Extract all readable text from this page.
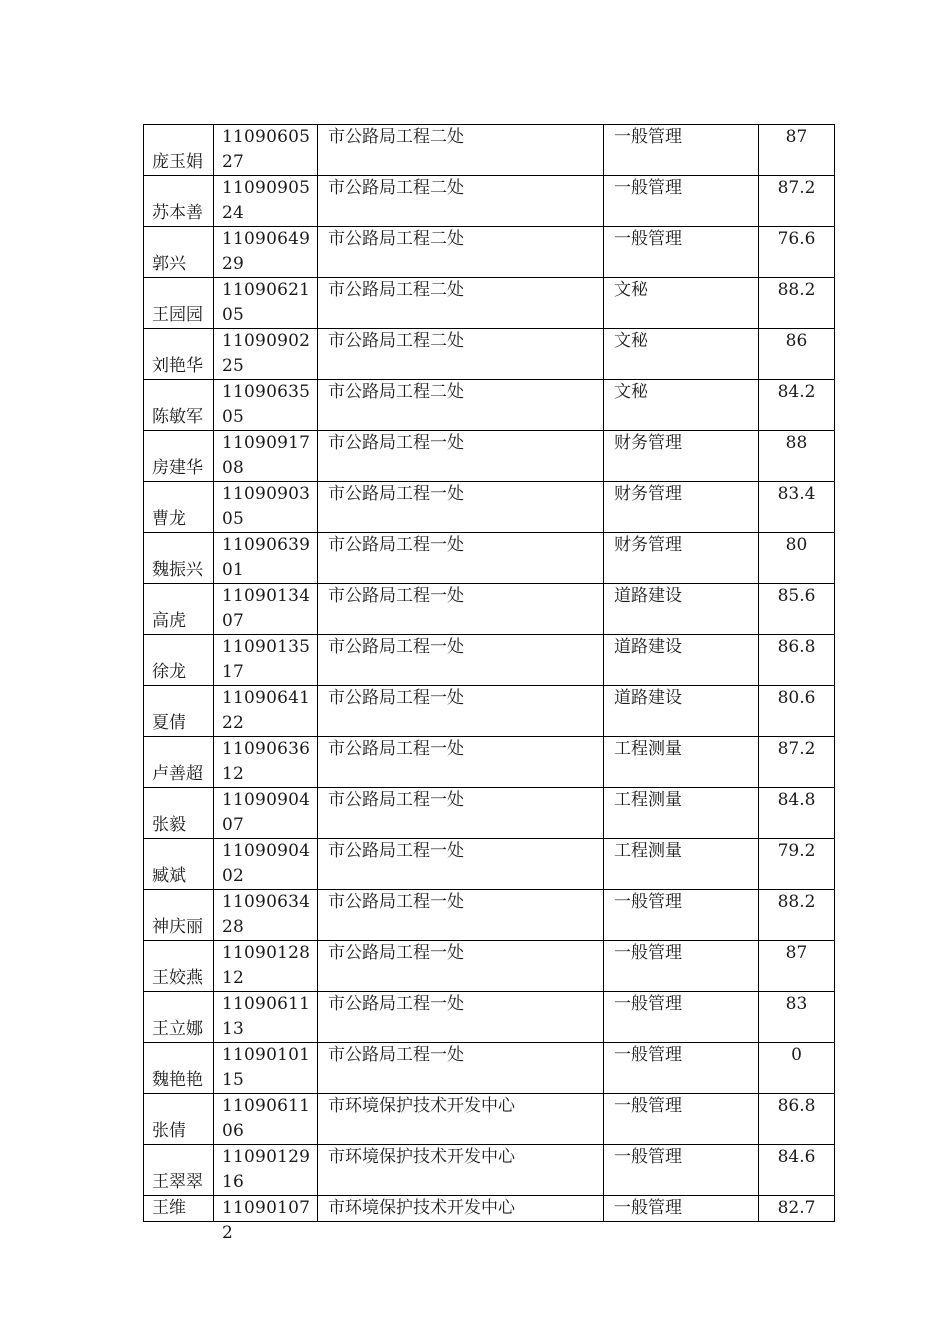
庞玉娟	1109060527	市公路局工程二处	一般管理	87

苏本善	1109090524	市公路局工程二处	一般管理	87.2

郭兴	1109064929	市公路局工程二处	一般管理	76.6

王园园	1109062105	市公路局工程二处	文秘	88.2

刘艳华	1109090225	市公路局工程二处	文秘	86

陈敏军	1109063505	市公路局工程二处	文秘	84.2

房建华	1109091708	市公路局工程一处	财务管理	88

曹龙	1109090305	市公路局工程一处	财务管理	83.4

魏振兴	1109063901	市公路局工程一处	财务管理	80

高虎	1109013407	市公路局工程一处	道路建设	85.6

徐龙	1109013517	市公路局工程一处	道路建设	86.8

夏倩	1109064122	市公路局工程一处	道路建设	80.6

卢善超	1109063612	市公路局工程一处	工程测量	87.2

张毅	1109090407	市公路局工程一处	工程测量	84.8

臧斌	1109090402	市公路局工程一处	工程测量	79.2

神庆丽	1109063428	市公路局工程一处	一般管理	88.2

王姣燕	1109012812	市公路局工程一处	一般管理	87

王立娜	1109061113	市公路局工程一处	一般管理	83

魏艳艳	1109010115	市公路局工程一处	一般管理	0

张倩	1109061106	市环境保护技术开发中心	一般管理	86.8

王翠翠	1109012916	市环境保护技术开发中心	一般管理	84.6

王维	110901072	市环境保护技术开发中心	一般管理	82.7
